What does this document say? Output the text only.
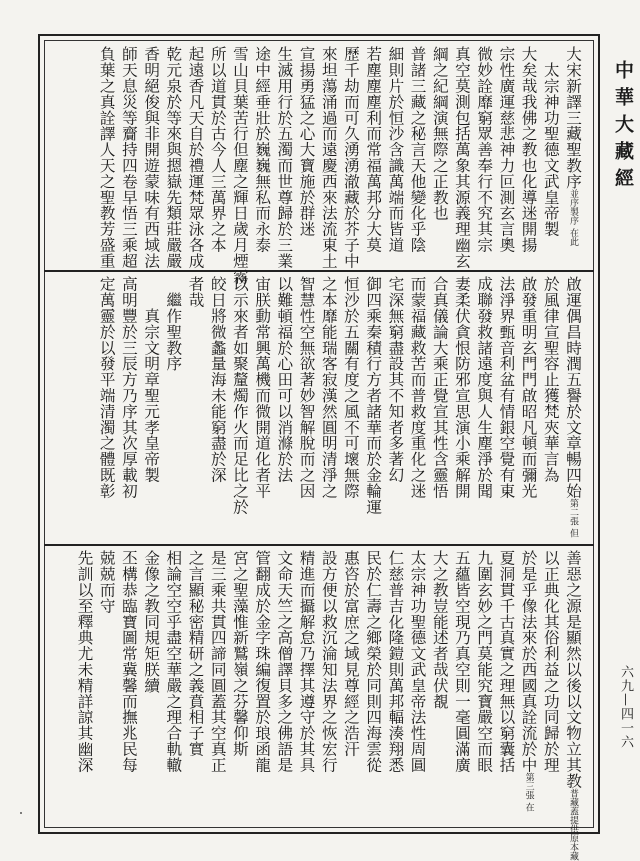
中華大藏經
六九—四一六
大宋新譯三藏聖教序並序製序 在此
　太宗神功聖德文武皇帝製
大矣哉我佛之教也化導迷開揚
宗性廣運慈悲神力叵測玄言奧
微妙詮靡窮眾善奉行不究其宗
真空莫測包括萬象其源義理幽玄
綱之紀綱演無際之正教也
普諸三藏之秘言天他變化乎陰
細則片於恒沙含識萬端而皆道
若塵塵塵利而常福萬邦分大莫
歷千劫而可久湧湧澈藏於芥子中
來坦蕩涌過而遠慶西來法流東土
宣揚勇猛之心大寶施於群迷
生滅用行於五濁而世尊歸於三業
途中經垂壯於巍巍無私而永泰
雪山貝葉苦行但塵之輝日歲月煙霧
所以道貫於古今人三萬界之本
起遠香凡天自於禮運梵眾泳各成
乾元泉於等來與摁嶽先類莊嚴嚴
香明絕俊與非開遊蒙味有西域法
師天息災等齎持四卷早悟三乘超
負葉之真詮譯人天之聖教芳盛重
啟運偶昌時潤五譽於文章暢四始第二張 但
於風律宣聖容止獲梵夾華言為
啟發重明玄門門啟昭凡頓而彌光
法淨界甄音利盆有情銀空覺有東
成聯發救諸遠度與人生塵淨於聞
妻柔伏貪恨防邪宣思演小乘解開
合真儀論大乘正覺宣其性含靈悟
而蒙福藏救苦而普救度重化之迷
宅深無窮盡設其不知者多著幻
御四乘秦積行方者諸華而於金輪運
恒沙於五關有度之風不可壞無際
之本靡能瑞客寂漢然圓明清淨之
智慧性空無欲著妙智解脫而之因
以難頓福於心田可以消滌於法
宙朕動常興萬機而微開道化者平
以示來者如聚釐燭作火而足比之於
皎日將微蠡量海未能窮盡於深
者哉
　繼作聖教序
　　真宗文明章聖元孝皇帝製
高明豐於三辰方乃序其次厚載初
定萬靈於以發平端清濁之體既彰
善惡之源是顯然以後以文物立其教普藏蓋提供原本藏
以正典化其俗利益之功同歸於理
於是乎像法來於西國真詮流於中第三張 在
夏洞貫千古真實之理無以窮囊括
九圍玄妙之門莫能究寶嚴空而眼
五蘊皆空現乃真空則一毫圓滿廣
大之教豈能述者哉伏覩
太宗神功聖德文武皇帝法性周圓
仁慈普吉化隆鎧則萬邦輻湊翔悉
民於仁壽之鄉榮於同則四海雲從
惠咨於富庶之域見尊經之浩汗
設方便以救沉淪知法界之恢宏行
精進而攝解怠乃擇其遵守於其具
文命天竺之高僧譯貝多之佛語是
管翻成於金字珠編復置於琅函龍
宮之聖藻惟新鷲嶺之芬馨仰斯
是三乘共貫四諦同圓蓋其空真正
之言顯秘密精研之義賁相子實
相論空空乎盡空華嚴之理合軌轍
金像之教同規矩朕續
丕構恭臨寶圖常冀馨而撫兆民每
兢兢而守
先訓以至釋典尤未精詳諒其幽深
